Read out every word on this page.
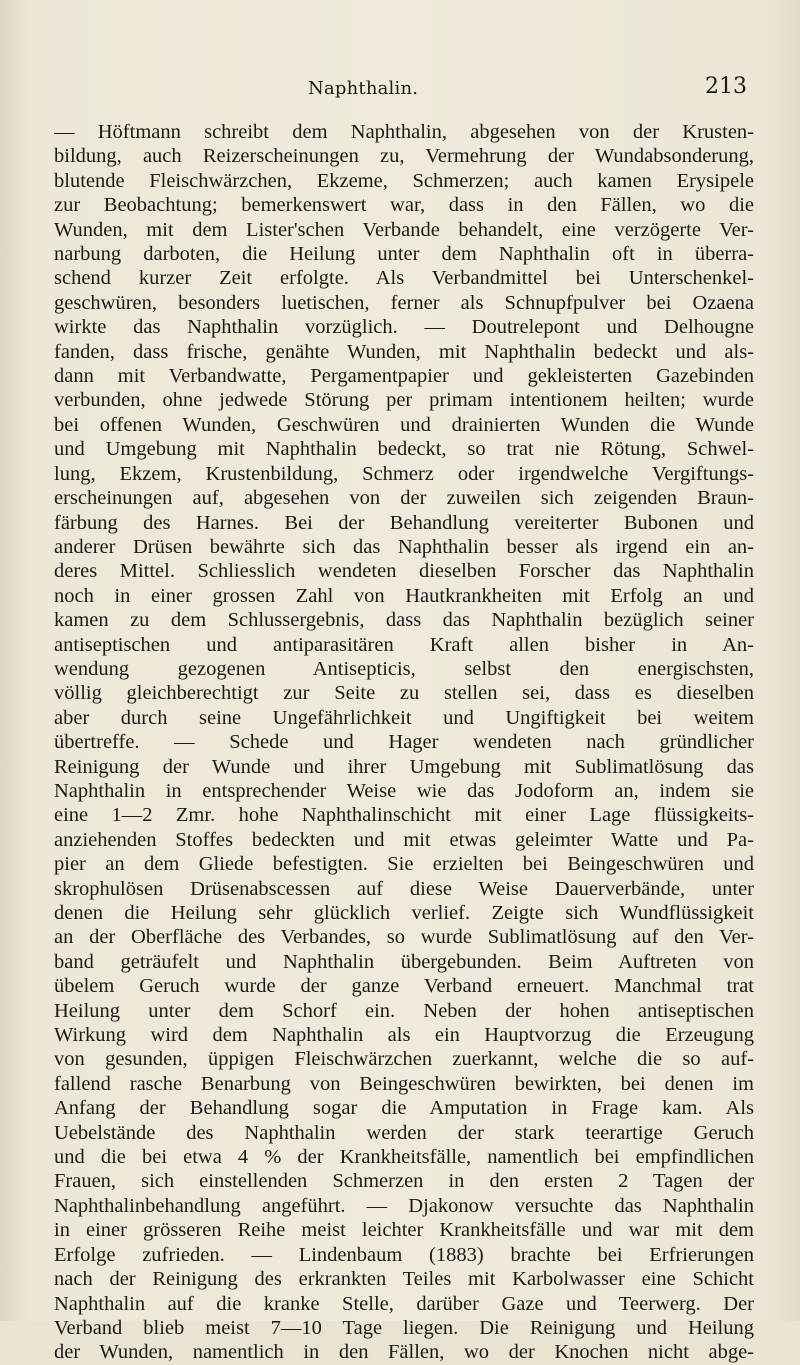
Naphthalin.	213
— Höftmann schreibt dem Naphthalin, abgesehen von der Krusten-
bildung, auch Reizerscheinungen zu, Vermehrung der Wundabsonderung,
blutende Fleischwärzchen, Ekzeme, Schmerzen; auch kamen Erysipele
zur Beobachtung; bemerkenswert war, dass in den Fällen, wo die
Wunden, mit dem Lister'schen Verbande behandelt, eine verzögerte Ver-
narbung darboten, die Heilung unter dem Naphthalin oft in überra-
schend kurzer Zeit erfolgte. Als Verbandmittel bei Unterschenkel-
geschwüren, besonders luetischen, ferner als Schnupfpulver bei Ozaena
wirkte das Naphthalin vorzüglich. — Doutrelepont und Delhougne
fanden, dass frische, genähte Wunden, mit Naphthalin bedeckt und als-
dann mit Verbandwatte, Pergamentpapier und gekleisterten Gazebinden
verbunden, ohne jedwede Störung per primam intentionem heilten; wurde
bei offenen Wunden, Geschwüren und drainierten Wunden die Wunde
und Umgebung mit Naphthalin bedeckt, so trat nie Rötung, Schwel-
lung, Ekzem, Krustenbildung, Schmerz oder irgendwelche Vergiftungs-
erscheinungen auf, abgesehen von der zuweilen sich zeigenden Braun-
färbung des Harnes. Bei der Behandlung vereiterter Bubonen und
anderer Drüsen bewährte sich das Naphthalin besser als irgend ein an-
deres Mittel. Schliesslich wendeten dieselben Forscher das Naphthalin
noch in einer grossen Zahl von Hautkrankheiten mit Erfolg an und
kamen zu dem Schlussergebnis, dass das Naphthalin bezüglich seiner
antiseptischen und antiparasitären Kraft allen bisher in An-
wendung gezogenen Antisepticis, selbst den energischsten,
völlig gleichberechtigt zur Seite zu stellen sei, dass es dieselben
aber durch seine Ungefährlichkeit und Ungiftigkeit bei weitem
übertreffe. — Schede und Hager wendeten nach gründlicher
Reinigung der Wunde und ihrer Umgebung mit Sublimatlösung das
Naphthalin in entsprechender Weise wie das Jodoform an, indem sie
eine 1—2 Zmr. hohe Naphthalinschicht mit einer Lage flüssigkeits-
anziehenden Stoffes bedeckten und mit etwas geleimter Watte und Pa-
pier an dem Gliede befestigten. Sie erzielten bei Beingeschwüren und
skrophulösen Drüsenabscessen auf diese Weise Dauerverbände, unter
denen die Heilung sehr glücklich verlief. Zeigte sich Wundflüssigkeit
an der Oberfläche des Verbandes, so wurde Sublimatlösung auf den Ver-
band geträufelt und Naphthalin übergebunden. Beim Auftreten von
übelem Geruch wurde der ganze Verband erneuert. Manchmal trat
Heilung unter dem Schorf ein. Neben der hohen antiseptischen
Wirkung wird dem Naphthalin als ein Hauptvorzug die Erzeugung
von gesunden, üppigen Fleischwärzchen zuerkannt, welche die so auf-
fallend rasche Benarbung von Beingeschwüren bewirkten, bei denen im
Anfang der Behandlung sogar die Amputation in Frage kam. Als
Uebelstände des Naphthalin werden der stark teerartige Geruch
und die bei etwa 4 % der Krankheitsfälle, namentlich bei empfindlichen
Frauen, sich einstellenden Schmerzen in den ersten 2 Tagen der
Naphthalinbehandlung angeführt. — Djakonow versuchte das Naphthalin
in einer grösseren Reihe meist leichter Krankheitsfälle und war mit dem
Erfolge zufrieden. — Lindenbaum (1883) brachte bei Erfrierungen
nach der Reinigung des erkrankten Teiles mit Karbolwasser eine Schicht
Naphthalin auf die kranke Stelle, darüber Gaze und Teerwerg. Der
Verband blieb meist 7—10 Tage liegen. Die Reinigung und Heilung
der Wunden, namentlich in den Fällen, wo der Knochen nicht abge-
